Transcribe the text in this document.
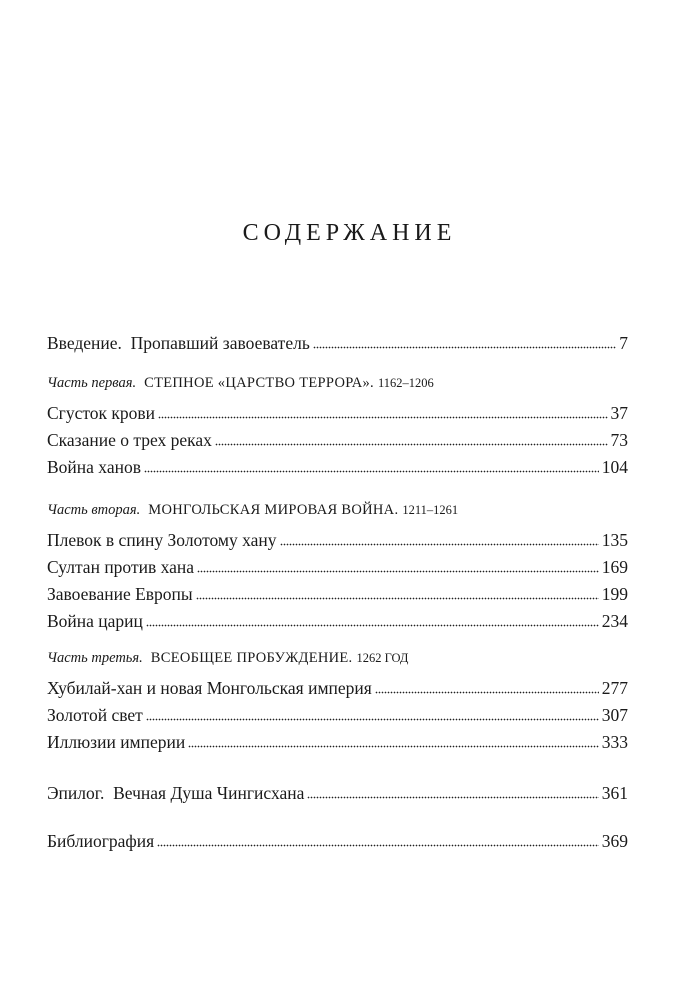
СОДЕРЖАНИЕ
Введение.  Пропавший завоеватель	7
Часть первая. СТЕПНОЕ «ЦАРСТВО ТЕРРОРА». 1162–1206
Сгусток крови	37
Сказание о трех реках	73
Война ханов	104
Часть вторая. МОНГОЛЬСКАЯ МИРОВАЯ ВОЙНА. 1211–1261
Плевок в спину Золотому хану	135
Султан против хана	169
Завоевание Европы	199
Война цариц	234
Часть третья. ВСЕОБЩЕЕ ПРОБУЖДЕНИЕ. 1262 ГОД
Хубилай-хан и новая Монгольская империя	277
Золотой свет	307
Иллюзии империи	333
Эпилог.  Вечная Душа Чингисхана	361
Библиография	369
